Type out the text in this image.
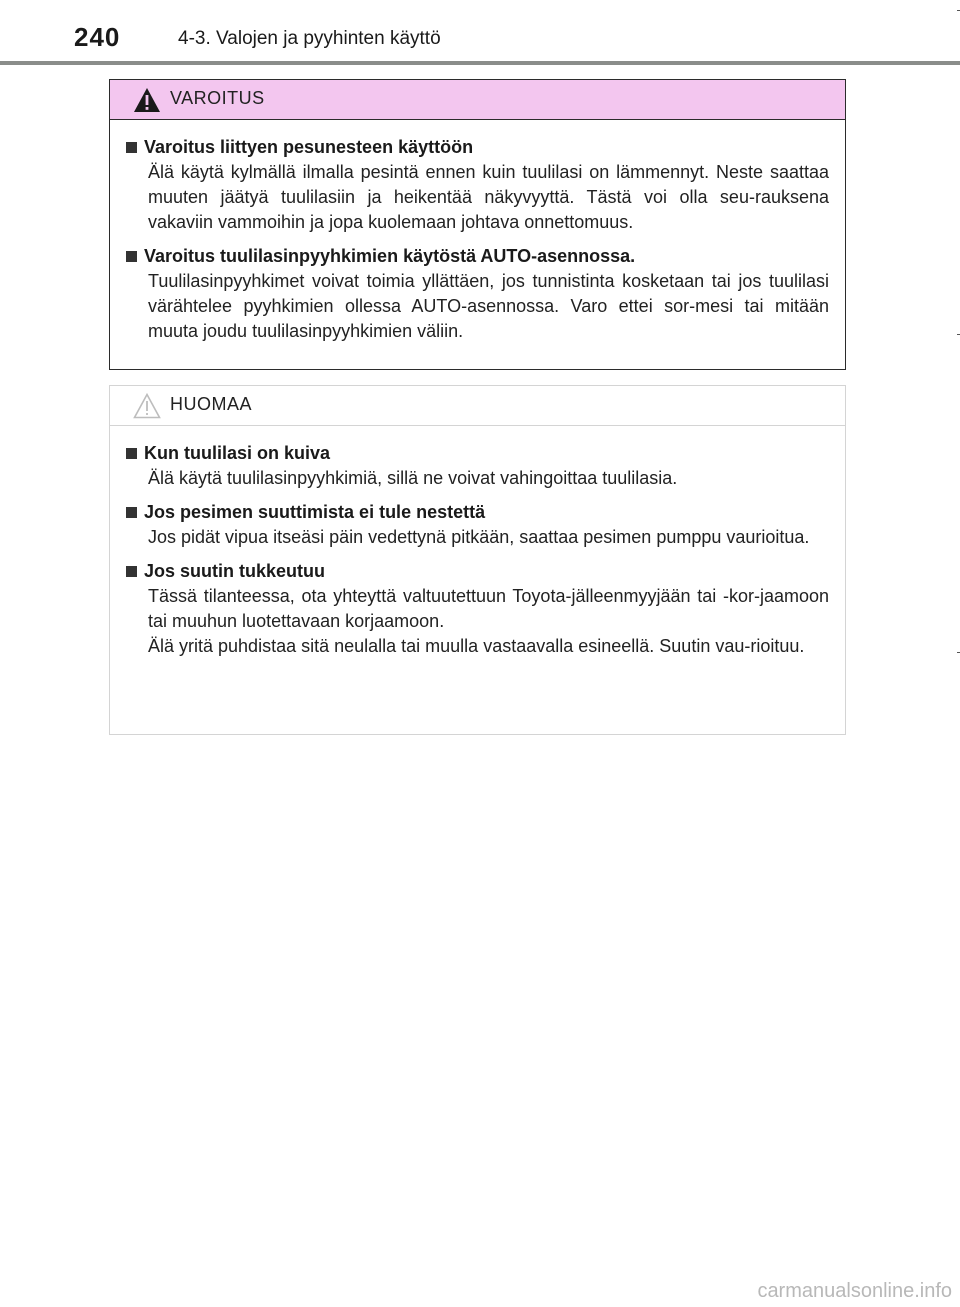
240	4-3. Valojen ja pyyhinten käyttö
VAROITUS
Varoitus liittyen pesunesteen käyttöön

Älä käytä kylmällä ilmalla pesintä ennen kuin tuulilasi on lämmennyt. Neste saattaa muuten jäätyä tuulilasiin ja heikentää näkyvyyttä. Tästä voi olla seu-rauksena vakaviin vammoihin ja jopa kuolemaan johtava onnettomuus.

Varoitus tuulilasinpyyhkimien käytöstä AUTO-asennossa.

Tuulilasinpyyhkimet voivat toimia yllättäen, jos tunnistinta kosketaan tai jos tuulilasi värähtelee pyyhkimien ollessa AUTO-asennossa. Varo ettei sor-mesi tai mitään muuta joudu tuulilasinpyyhkimien väliin.

HUOMAA
Kun tuulilasi on kuiva

Älä käytä tuulilasinpyyhkimiä, sillä ne voivat vahingoittaa tuulilasia.

Jos pesimen suuttimista ei tule nestettä

Jos pidät vipua itseäsi päin vedettynä pitkään, saattaa pesimen pumppu vaurioitua.

Jos suutin tukkeutuu

Tässä tilanteessa, ota yhteyttä valtuutettuun Toyota-jälleenmyyjään tai -kor-jaamoon tai muuhun luotettavaan korjaamoon.

Älä yritä puhdistaa sitä neulalla tai muulla vastaavalla esineellä. Suutin vau-rioituu.

carmanualsonline.info
